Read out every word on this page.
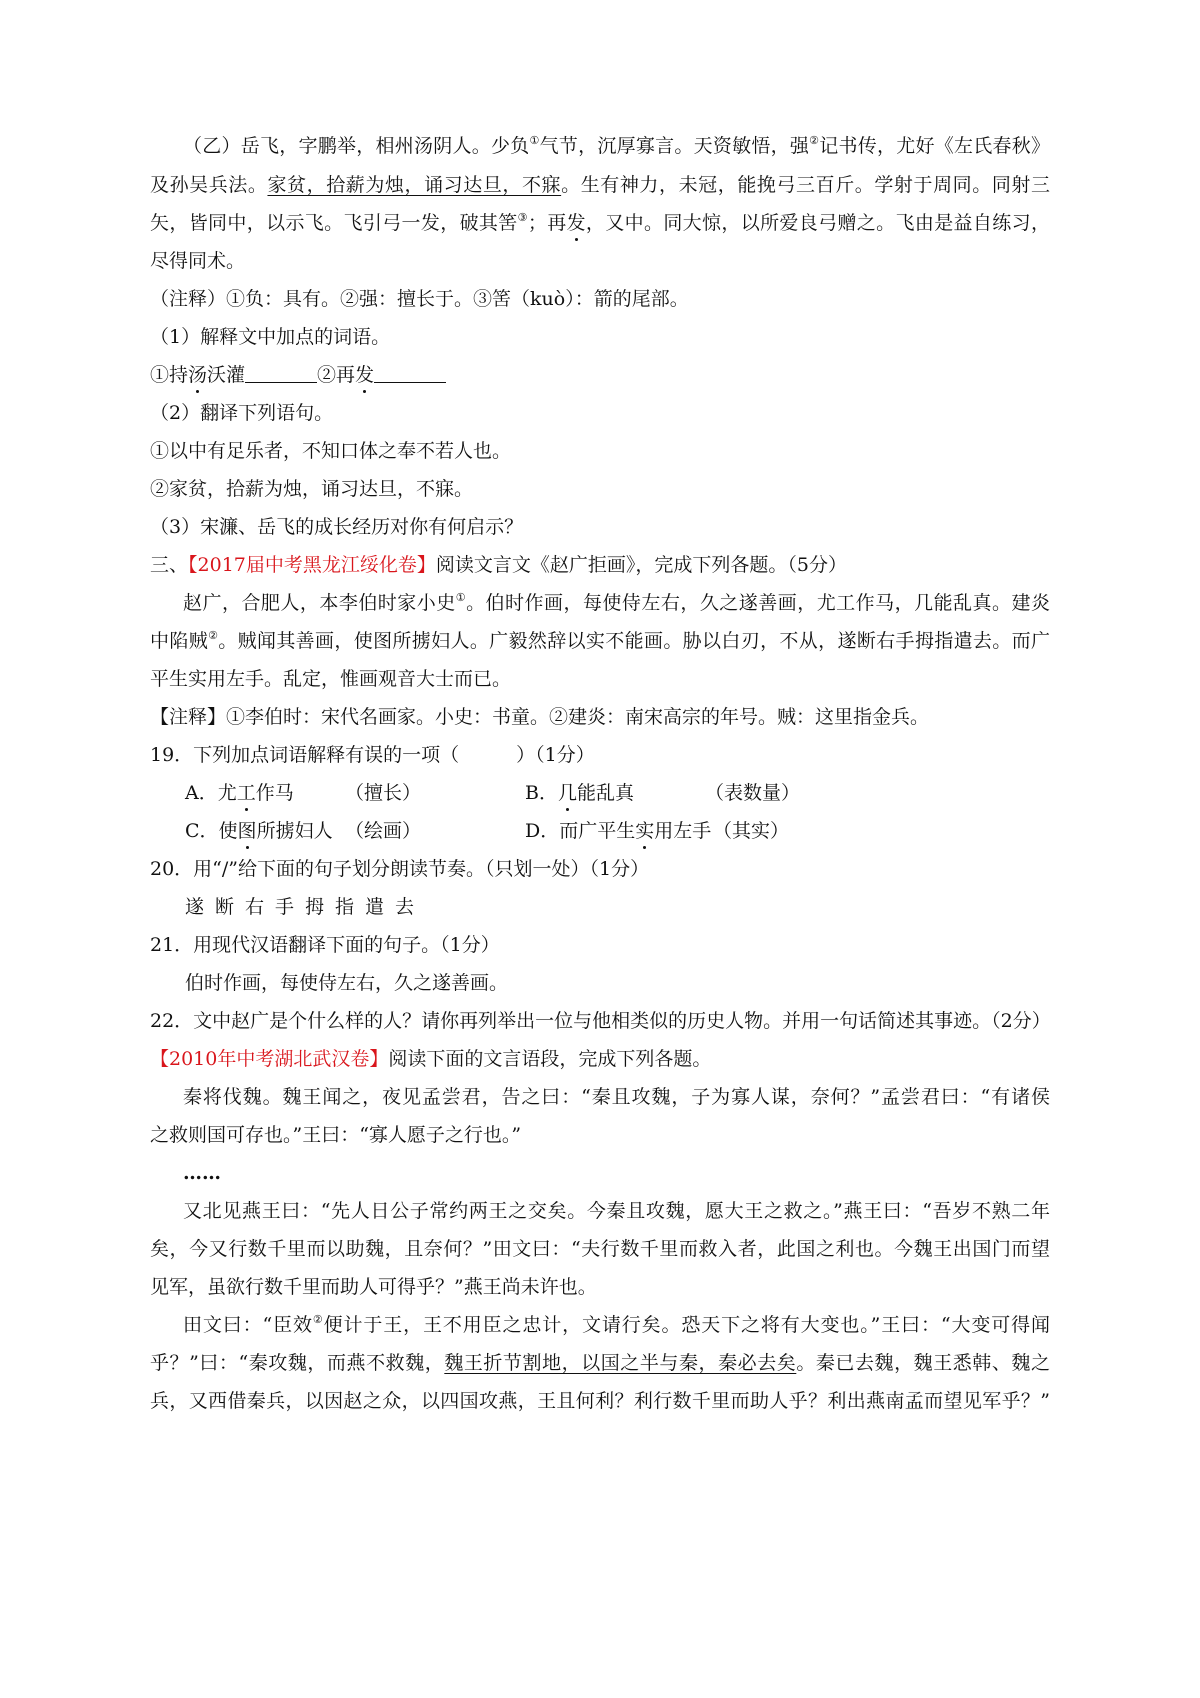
（乙）岳飞，字鹏举，相州汤阴人。少负①气节，沉厚寡言。天资敏悟，强②记书传，尤好《左氏春秋》
及孙吴兵法。家贫，拾薪为烛，诵习达旦，不寐。生有神力，未冠，能挽弓三百斤。学射于周同。同射三
矢，皆同中，以示飞。飞引弓一发，破其筈③；再发，又中。同大惊，以所爱良弓赠之。飞由是益自练习，
尽得同术。
（注释）①负：具有。②强：擅长于。③筈（kuò）：箭的尾部。
（1）解释文中加点的词语。
①持汤沃灌	②再发
（2）翻译下列语句。
①以中有足乐者，不知口体之奉不若人也。
②家贫，拾薪为烛，诵习达旦，不寐。
（3）宋濂、岳飞的成长经历对你有何启示？
三、【2017届中考黑龙江绥化卷】阅读文言文《赵广拒画》，完成下列各题。（5分）
赵广，合肥人，本李伯时家小史①。伯时作画，每使侍左右，久之遂善画，尤工作马，几能乱真。建炎
中陷贼②。贼闻其善画，使图所掳妇人。广毅然辞以实不能画。胁以白刃，不从，遂断右手拇指遣去。而广
平生实用左手。乱定，惟画观音大士而已。
【注释】①李伯时：宋代名画家。小史：书童。②建炎：南宋高宗的年号。贼：这里指金兵。
19．下列加点词语解释有误的一项（　　　）（1分）
A．尤工作马	（擅长）	B．几能乱真	（表数量）
C．使图所掳妇人 （绘画）	D．而广平生实用左手（其实）
20．用“/”给下面的句子划分朗读节奏。（只划一处）（1分）
遂断右手拇指遣去
21．用现代汉语翻译下面的句子。（1分）
伯时作画，每使侍左右，久之遂善画。
22．文中赵广是个什么样的人？请你再列举出一位与他相类似的历史人物。并用一句话简述其事迹。（2分）
【2010年中考湖北武汉卷】阅读下面的文言语段，完成下列各题。
秦将伐魏。魏王闻之，夜见孟尝君，告之曰：“秦且攻魏，子为寡人谋，奈何？”孟尝君曰：“有诸侯
之救则国可存也。”王曰：“寡人愿子之行也。”
……
又北见燕王曰：“先人日公子常约两王之交矣。今秦且攻魏，愿大王之救之。”燕王曰：“吾岁不熟二年
矣，今又行数千里而以助魏，且奈何？”田文曰：“夫行数千里而救入者，此国之利也。今魏王出国门而望
见军，虽欲行数千里而助人可得乎？”燕王尚未许也。
田文曰：“臣效②便计于王，王不用臣之忠计，文请行矣。恐天下之将有大变也。”王曰：“大变可得闻
乎？”曰：“秦攻魏，而燕不救魏，魏王折节割地，以国之半与秦，秦必去矣。秦已去魏，魏王悉韩、魏之
兵，又西借秦兵，以因赵之众，以四国攻燕，王且何利？利行数千里而助人乎？利出燕南孟而望见军乎？”
